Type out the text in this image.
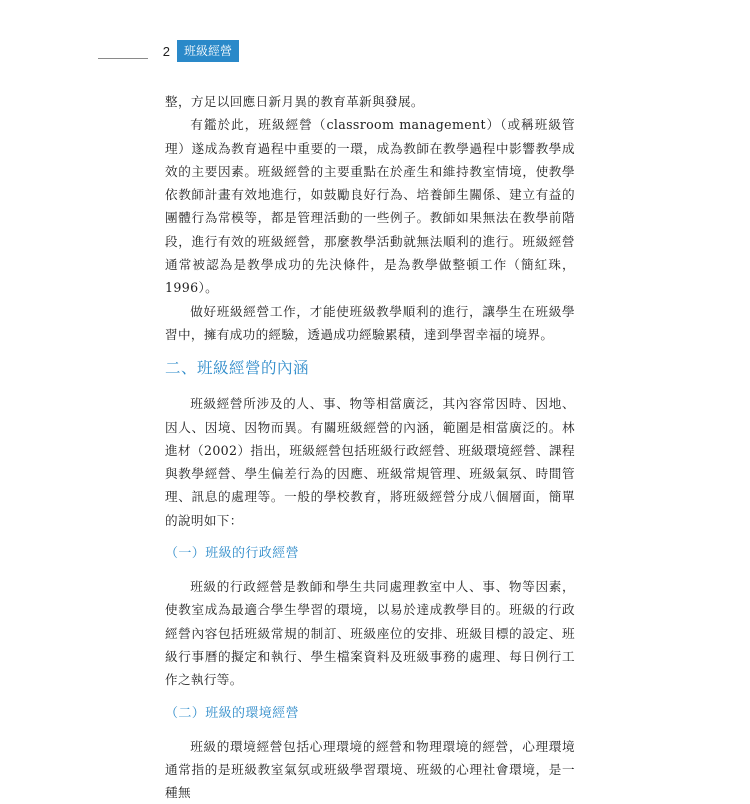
2	班級經營

整，方足以回應日新月異的教育革新與發展。

有鑑於此，班級經營（classroom management）（或稱班級管理）遂成為教育過程中重要的一環，成為教師在教學過程中影響教學成效的主要因素。班級經營的主要重點在於產生和維持教室情境，使教學依教師計畫有效地進行，如鼓勵良好行為、培養師生關係、建立有益的團體行為常模等，都是管理活動的一些例子。教師如果無法在教學前階段，進行有效的班級經營，那麼教學活動就無法順利的進行。班級經營通常被認為是教學成功的先決條件，是為教學做整頓工作（簡紅珠，1996）。

做好班級經營工作，才能使班級教學順利的進行，讓學生在班級學習中，擁有成功的經驗，透過成功經驗累積，達到學習幸福的境界。

二、班級經營的內涵

班級經營所涉及的人、事、物等相當廣泛，其內容常因時、因地、因人、因境、因物而異。有關班級經營的內涵，範圍是相當廣泛的。林進材（2002）指出，班級經營包括班級行政經營、班級環境經營、課程與教學經營、學生偏差行為的因應、班級常規管理、班級氣氛、時間管理、訊息的處理等。一般的學校教育，將班級經營分成八個層面，簡單的說明如下：

（一）班級的行政經營

班級的行政經營是教師和學生共同處理教室中人、事、物等因素，使教室成為最適合學生學習的環境，以易於達成教學目的。班級的行政經營內容包括班級常規的制訂、班級座位的安排、班級目標的設定、班級行事曆的擬定和執行、學生檔案資料及班級事務的處理、每日例行工作之執行等。

（二）班級的環境經營

班級的環境經營包括心理環境的經營和物理環境的經營，心理環境通常指的是班級教室氣氛或班級學習環境、班級的心理社會環境，是一種無
